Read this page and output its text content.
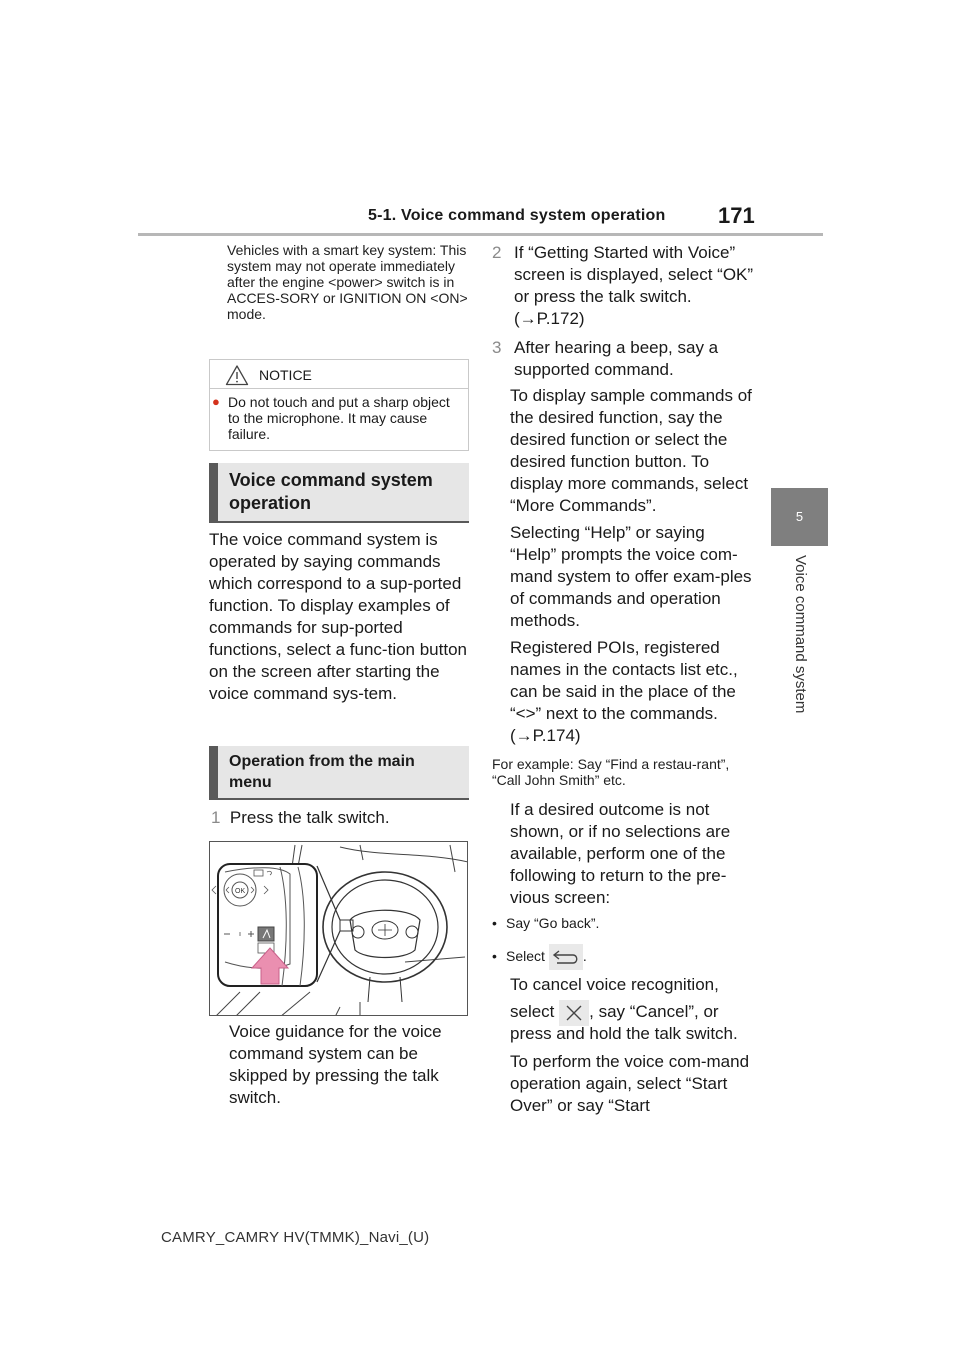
5-1. Voice command system operation 171
5
Voice command system
Vehicles with a smart key system: This system may not operate immediately after the engine <power> switch is in ACCES-SORY or IGNITION ON <ON> mode.
NOTICE
● Do not touch and put a sharp object to the microphone. It may cause failure.
Voice command system operation
The voice command system is operated by saying commands which correspond to a sup-ported function. To display examples of commands for sup-ported functions, select a func-tion button on the screen after starting the voice command sys-tem.
Operation from the main menu
1 Press the talk switch.
OK
Voice guidance for the voice command system can be skipped by pressing the talk switch.
2 If “Getting Started with Voice” screen is displayed, select “OK” or press the talk switch.
(→P.172)
3 After hearing a beep, say a supported command.
To display sample commands of the desired function, say the desired function or select the desired function button. To display more commands, select “More Commands”.
Selecting “Help” or saying “Help” prompts the voice com-mand system to offer exam-ples of commands and operation methods.
Registered POIs, registered names in the contacts list etc., can be said in the place of the “<>” next to the commands.
(→P.174)
For example: Say “Find a restau-rant”, “Call John Smith” etc.
If a desired outcome is not shown, or if no selections are available, perform one of the following to return to the pre-vious screen:
• Say “Go back”.
• Select	.
To cancel voice recognition,
select , say “Cancel”, or
press and hold the talk switch.
To perform the voice com-mand operation again, select “Start Over” or say “Start
CAMRY_CAMRY HV(TMMK)_Navi_(U)
